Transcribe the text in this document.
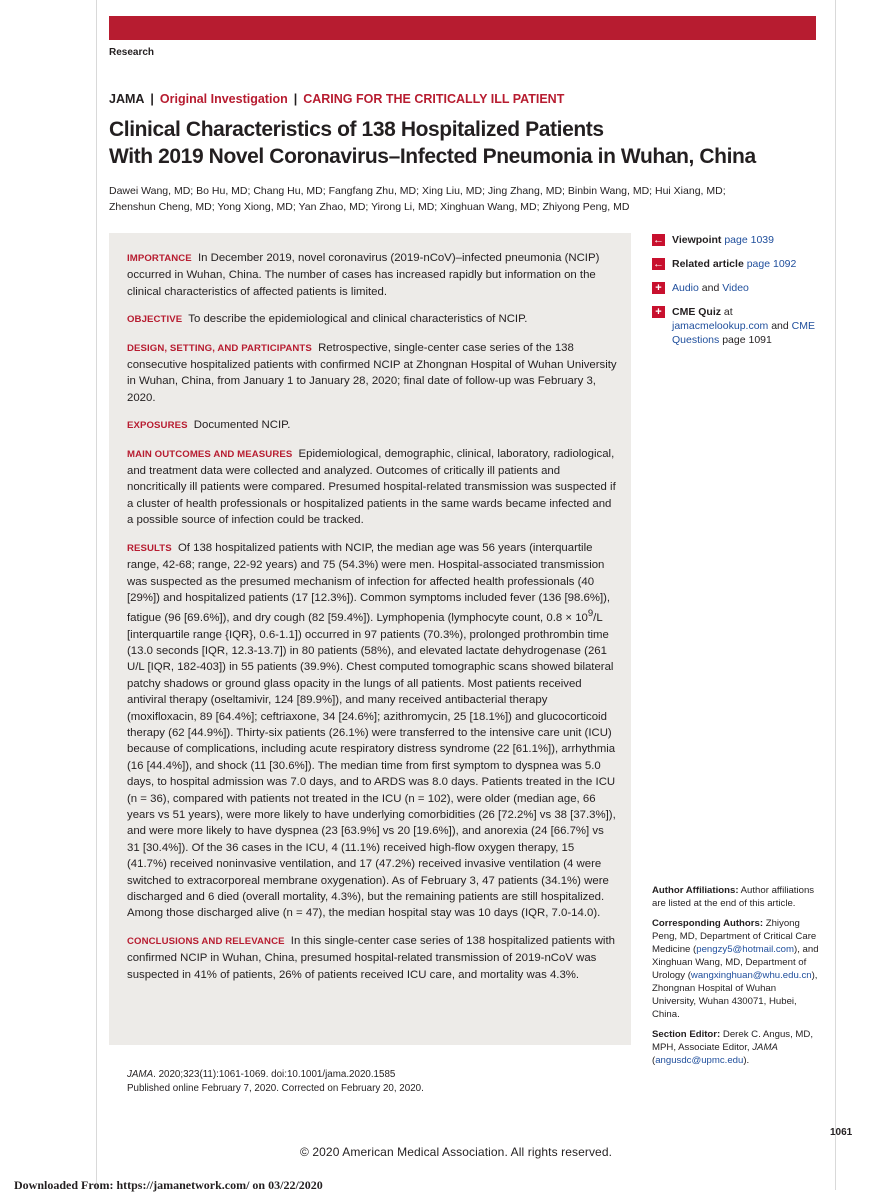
Research
JAMA | Original Investigation | CARING FOR THE CRITICALLY ILL PATIENT
Clinical Characteristics of 138 Hospitalized Patients
With 2019 Novel Coronavirus–Infected Pneumonia in Wuhan, China
Dawei Wang, MD; Bo Hu, MD; Chang Hu, MD; Fangfang Zhu, MD; Xing Liu, MD; Jing Zhang, MD; Binbin Wang, MD; Hui Xiang, MD;
Zhenshun Cheng, MD; Yong Xiong, MD; Yan Zhao, MD; Yirong Li, MD; Xinghuan Wang, MD; Zhiyong Peng, MD

IMPORTANCE In December 2019, novel coronavirus (2019-nCoV)–infected pneumonia (NCIP) occurred in Wuhan, China. The number of cases has increased rapidly but information on the clinical characteristics of affected patients is limited.

OBJECTIVE To describe the epidemiological and clinical characteristics of NCIP.

DESIGN, SETTING, AND PARTICIPANTS Retrospective, single-center case series of the 138 consecutive hospitalized patients with confirmed NCIP at Zhongnan Hospital of Wuhan University in Wuhan, China, from January 1 to January 28, 2020; final date of follow-up was February 3, 2020.

EXPOSURES Documented NCIP.

MAIN OUTCOMES AND MEASURES Epidemiological, demographic, clinical, laboratory, radiological, and treatment data were collected and analyzed. Outcomes of critically ill patients and noncritically ill patients were compared. Presumed hospital-related transmission was suspected if a cluster of health professionals or hospitalized patients in the same wards became infected and a possible source of infection could be tracked.

RESULTS Of 138 hospitalized patients with NCIP, the median age was 56 years (interquartile range, 42-68; range, 22-92 years) and 75 (54.3%) were men. Hospital-associated transmission was suspected as the presumed mechanism of infection for affected health professionals (40 [29%]) and hospitalized patients (17 [12.3%]). Common symptoms included fever (136 [98.6%]), fatigue (96 [69.6%]), and dry cough (82 [59.4%]). Lymphopenia (lymphocyte count, $0.8 \times 10^9/L$ [interquartile range {IQR}, 0.6-1.1]) occurred in 97 patients (70.3%), prolonged prothrombin time (13.0 seconds [IQR, 12.3-13.7]) in 80 patients (58%), and elevated lactate dehydrogenase (261 U/L [IQR, 182-403]) in 55 patients (39.9%). Chest computed tomographic scans showed bilateral patchy shadows or ground glass opacity in the lungs of all patients. Most patients received antiviral therapy (oseltamivir, 124 [89.9%]), and many received antibacterial therapy (moxifloxacin, 89 [64.4%]; ceftriaxone, 34 [24.6%]; azithromycin, 25 [18.1%]) and glucocorticoid therapy (62 [44.9%]). Thirty-six patients (26.1%) were transferred to the intensive care unit (ICU) because of complications, including acute respiratory distress syndrome (22 [61.1%]), arrhythmia (16 [44.4%]), and shock (11 [30.6%]). The median time from first symptom to dyspnea was 5.0 days, to hospital admission was 7.0 days, and to ARDS was 8.0 days. Patients treated in the ICU (n = 36), compared with patients not treated in the ICU (n = 102), were older (median age, 66 years vs 51 years), were more likely to have underlying comorbidities (26 [72.2%] vs 38 [37.3%]), and were more likely to have dyspnea (23 [63.9%] vs 20 [19.6%]), and anorexia (24 [66.7%] vs 31 [30.4%]). Of the 36 cases in the ICU, 4 (11.1%) received high-flow oxygen therapy, 15 (41.7%) received noninvasive ventilation, and 17 (47.2%) received invasive ventilation (4 were switched to extracorporeal membrane oxygenation). As of February 3, 47 patients (34.1%) were discharged and 6 died (overall mortality, 4.3%), but the remaining patients are still hospitalized. Among those discharged alive (n = 47), the median hospital stay was 10 days (IQR, 7.0-14.0).

CONCLUSIONS AND RELEVANCE In this single-center case series of 138 hospitalized patients with confirmed NCIP in Wuhan, China, presumed hospital-related transmission of 2019-nCoV was suspected in 41% of patients, 26% of patients received ICU care, and mortality was 4.3%.

JAMA. 2020;323(11):1061-1069. doi:10.1001/jama.2020.1585
Published online February 7, 2020. Corrected on February 20, 2020.
← Viewpoint page 1039
← Related article page 1092
+ Audio and Video
+ CME Quiz at
jamacmelookup.com and CME Questions page 1091

Author Affiliations: Author affiliations are listed at the end of this article.

Corresponding Authors: Zhiyong Peng, MD, Department of Critical Care Medicine (pengzy5@hotmail.com), and Xinghuan Wang, MD, Department of Urology (wangxinghuan@whu.edu.cn), Zhongnan Hospital of Wuhan University, Wuhan 430071, Hubei, China.

Section Editor: Derek C. Angus, MD, MPH, Associate Editor, JAMA
(angusdc@upmc.edu).

1061
© 2020 American Medical Association. All rights reserved.
Downloaded From: https://jamanetwork.com/ on 03/22/2020
